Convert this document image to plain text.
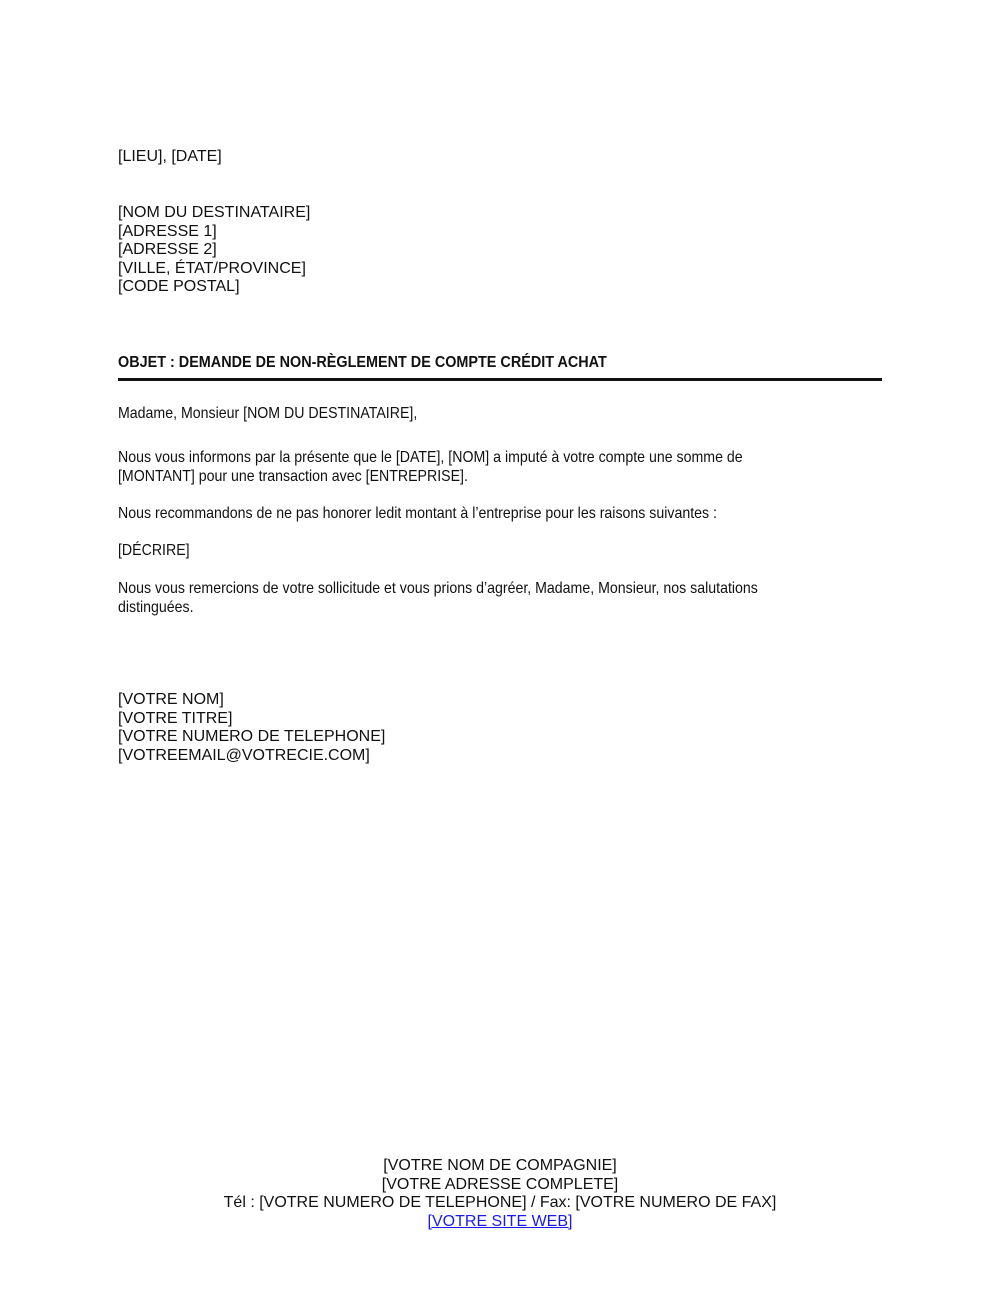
[LIEU], [DATE]
[NOM DU DESTINATAIRE]
[ADRESSE 1]
[ADRESSE 2]
[VILLE, ÉTAT/PROVINCE]
[CODE POSTAL]
OBJET : DEMANDE DE NON-RÈGLEMENT DE COMPTE CRÉDIT ACHAT
Madame, Monsieur [NOM DU DESTINATAIRE],
Nous vous informons par la présente que le [DATE], [NOM] a imputé à votre compte une somme de
[MONTANT] pour une transaction avec [ENTREPRISE].
Nous recommandons de ne pas honorer ledit montant à l’entreprise pour les raisons suivantes :
[DÉCRIRE]
Nous vous remercions de votre sollicitude et vous prions d’agréer, Madame, Monsieur, nos salutations
distinguées.
[VOTRE NOM]
[VOTRE TITRE]
[VOTRE NUMERO DE TELEPHONE]
[VOTREEMAIL@VOTRECIE.COM]
[VOTRE NOM DE COMPAGNIE]
[VOTRE ADRESSE COMPLETE]
Tél : [VOTRE NUMERO DE TELEPHONE] / Fax: [VOTRE NUMERO DE FAX]
[VOTRE SITE WEB]
